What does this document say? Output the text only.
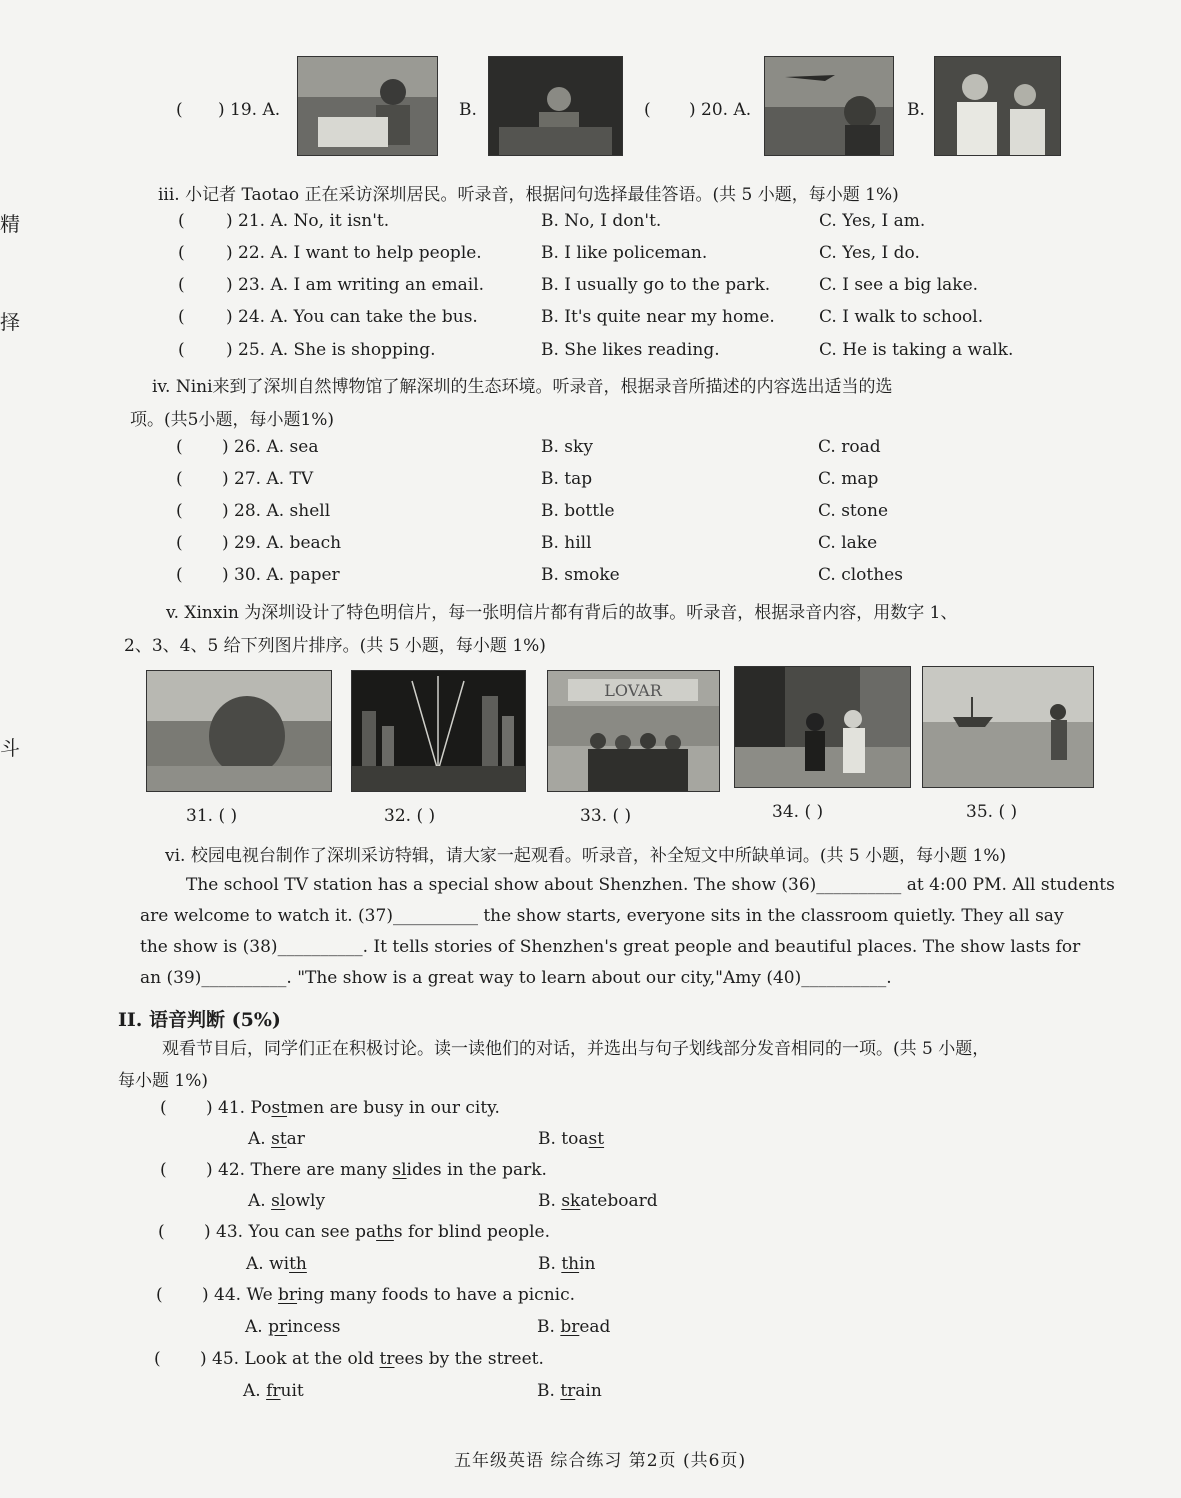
精
择
斗
( ) 19. A.	B.	( ) 20. A.	B.
iii. 小记者 Taotao 正在采访深圳居民。听录音，根据问句选择最佳答语。(共 5 小题，每小题 1%)
( ) 21. A. No, it isn't.	B. No, I don't.	C. Yes, I am.
( ) 22. A. I want to help people.	B. I like policeman.	C. Yes, I do.
( ) 23. A. I am writing an email.	B. I usually go to the park.	C. I see a big lake.
( ) 24. A. You can take the bus.	B. It's quite near my home.	C. I walk to school.
( ) 25. A. She is shopping.	B. She likes reading.	C. He is taking a walk.
iv. Nini来到了深圳自然博物馆了解深圳的生态环境。听录音，根据录音所描述的内容选出适当的选
项。(共5小题，每小题1%)
( ) 26. A. sea	B. sky	C. road
( ) 27. A. TV	B. tap	C. map
( ) 28. A. shell	B. bottle	C. stone
( ) 29. A. beach	B. hill	C. lake
( ) 30. A. paper	B. smoke	C. clothes
v. Xinxin 为深圳设计了特色明信片，每一张明信片都有背后的故事。听录音，根据录音内容，用数字 1、
2、3、4、5 给下列图片排序。(共 5 小题，每小题 1%)
LOVAR
31. ( )	32. ( )	33. ( )	34. ( )	35. ( )
vi. 校园电视台制作了深圳采访特辑，请大家一起观看。听录音，补全短文中所缺单词。(共 5 小题，每小题 1%)
The school TV station has a special show about Shenzhen. The show (36)__________ at 4:00 PM. All students
are welcome to watch it. (37)__________ the show starts, everyone sits in the classroom quietly. They all say
the show is (38)__________. It tells stories of Shenzhen's great people and beautiful places. The show lasts for
an (39)__________. "The show is a great way to learn about our city,"Amy (40)__________.
II. 语音判断 (5%)
观看节目后，同学们正在积极讨论。读一读他们的对话，并选出与句子划线部分发音相同的一项。(共 5 小题，
每小题 1%)
( ) 41. Postmen are busy in our city.
A. star	B. toast
( ) 42. There are many slides in the park.
A. slowly	B. skateboard
( ) 43. You can see paths for blind people.
A. with	B. thin
( ) 44. We bring many foods to have a picnic.
A. princess	B. bread
( ) 45. Look at the old trees by the street.
A. fruit	B. train
五年级英语 综合练习 第2页 (共6页)
